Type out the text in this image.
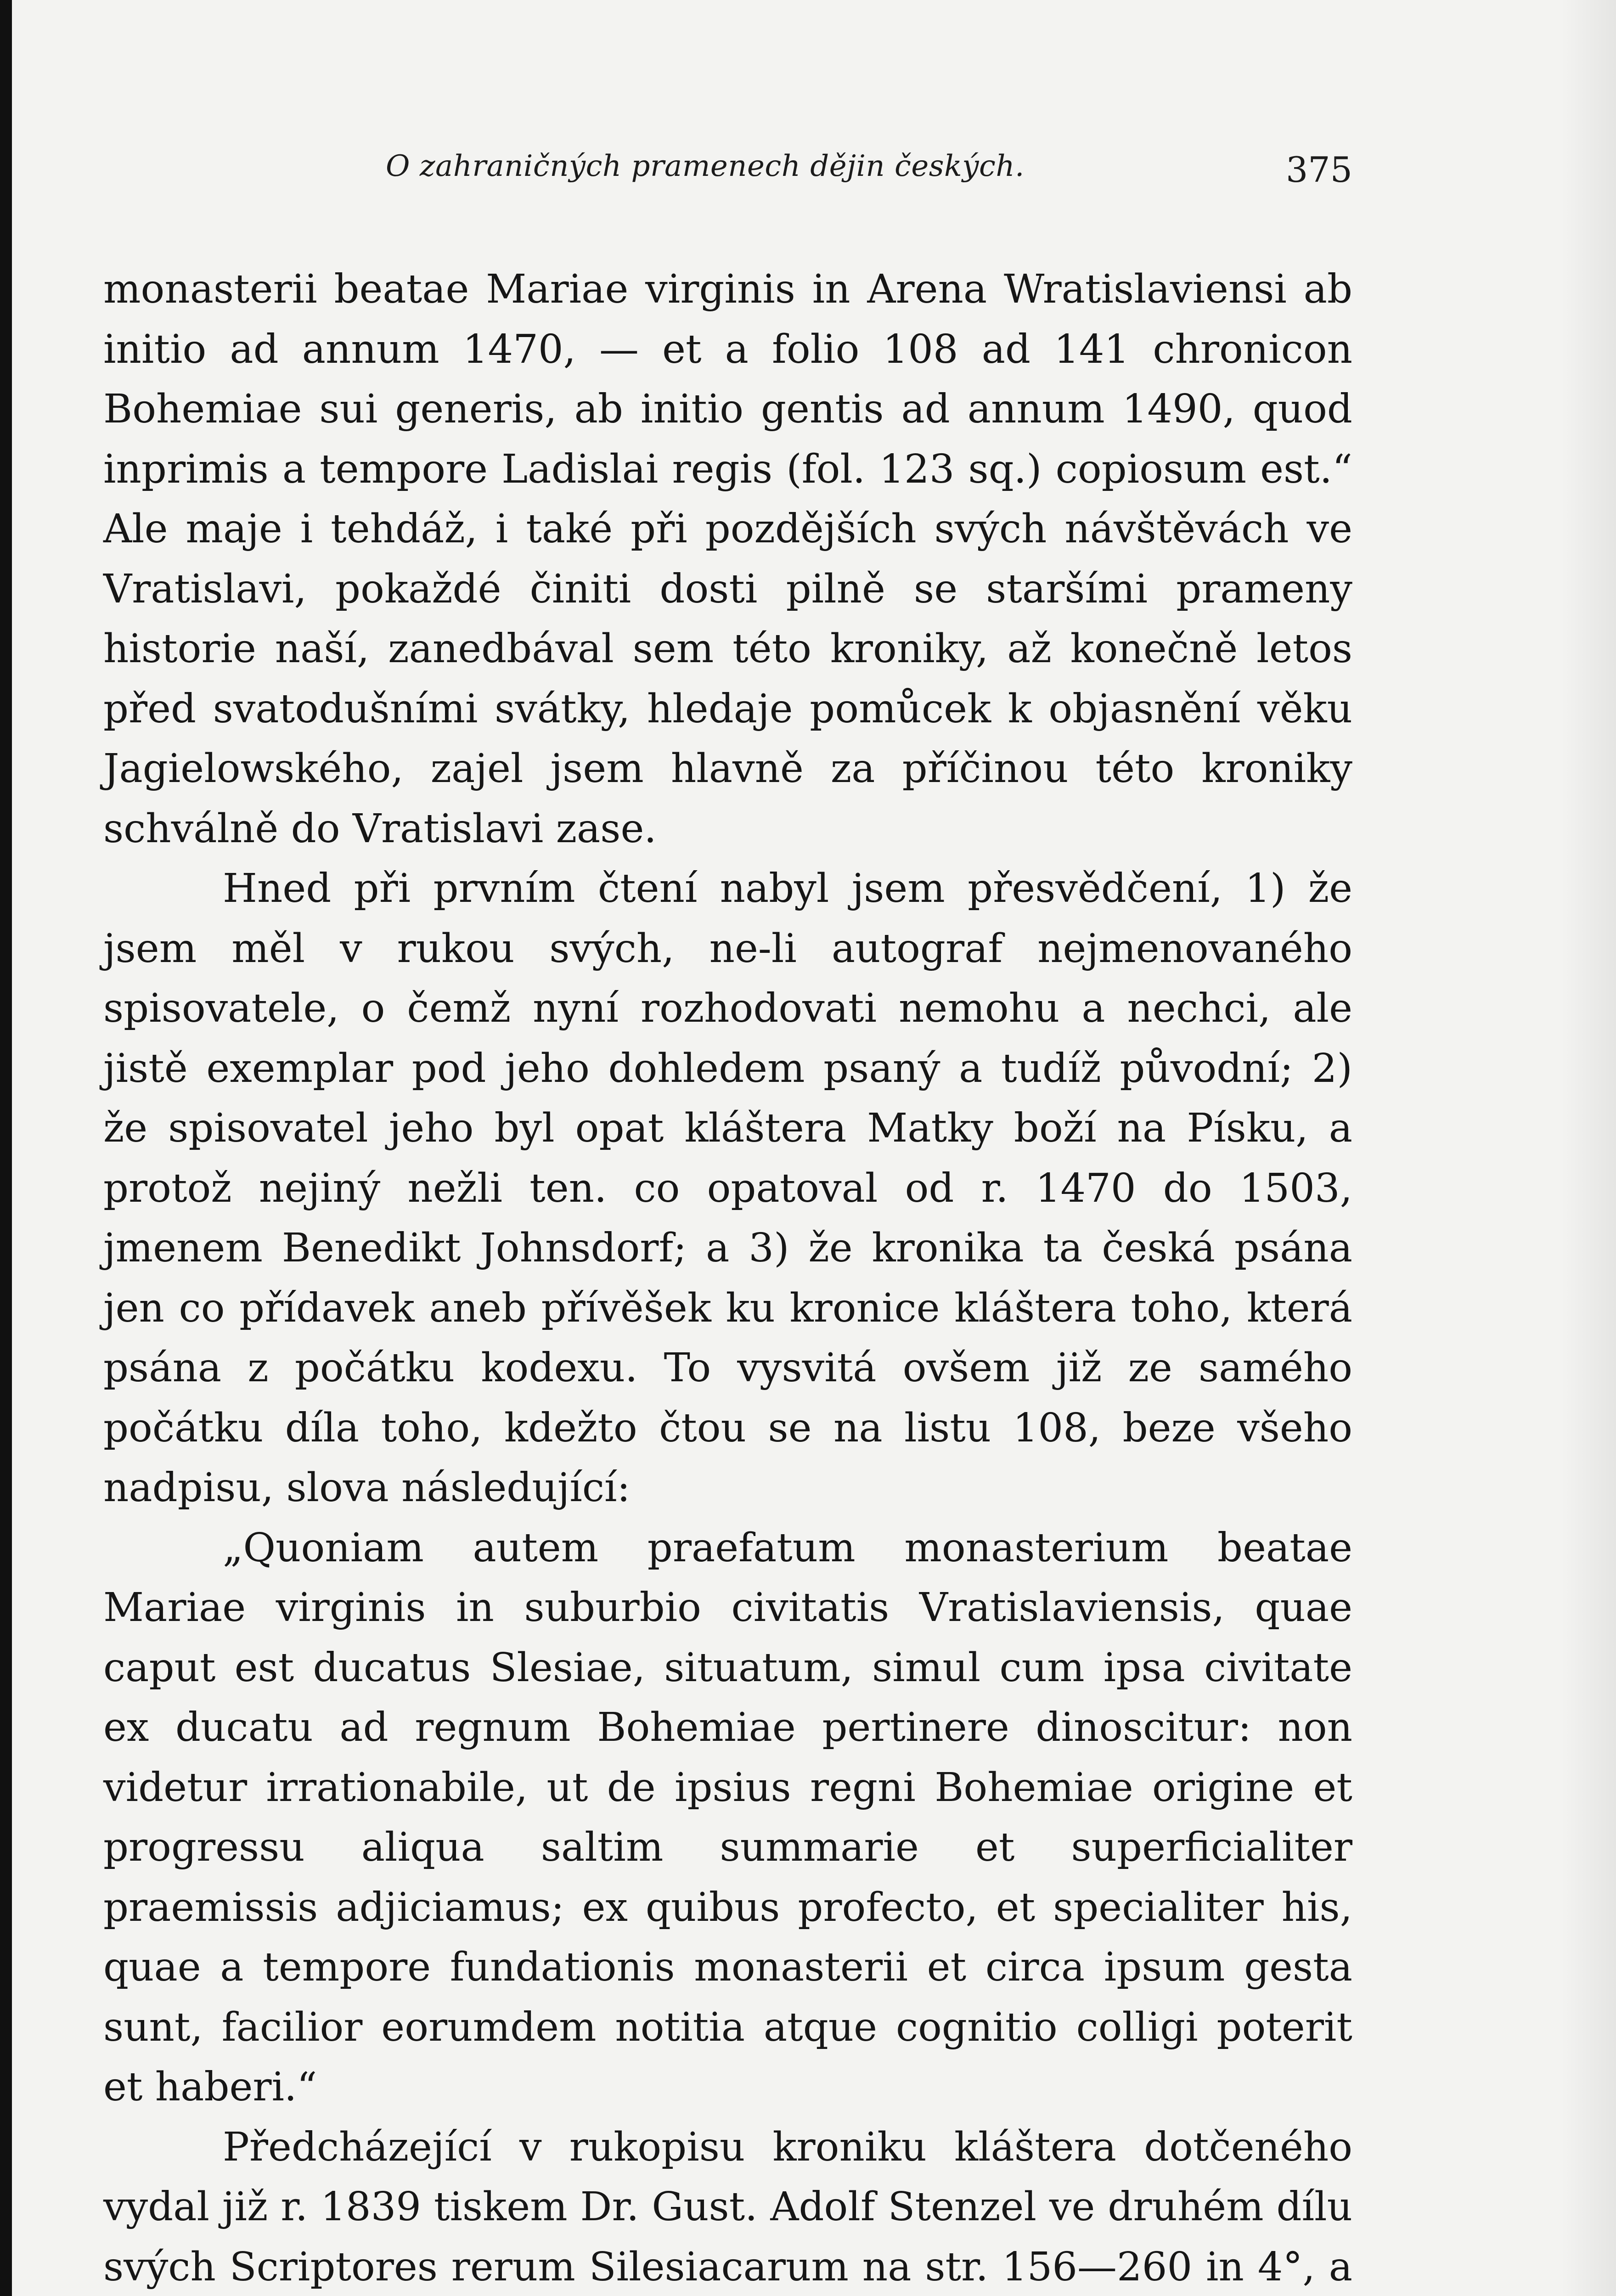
O zahraničných pramenech dějin českých.	375

monasterii beatae Mariae virginis in Arena Wratislaviensi ab initio ad annum 1470, — et a folio 108 ad 141 chronicon Bohemiae sui generis, ab initio gentis ad annum 1490, quod inprimis a tempore Ladislai regis (fol. 123 sq.) copiosum est.“ Ale maje i tehdáž, i také při pozdějších svých návštěvách ve Vratislavi, pokaždé činiti dosti pilně se staršími prameny historie naší, zanedbával sem této kroniky, až konečně letos před svatodušními svátky, hledaje pomůcek k objasnění věku Jagielowského, zajel jsem hlavně za příčinou této kroniky schválně do Vratislavi zase.

Hned při prvním čtení nabyl jsem přesvědčení, 1) že jsem měl v rukou svých, ne-li autograf nejmenovaného spisovatele, o čemž nyní rozhodovati nemohu a nechci, ale jistě exemplar pod jeho dohledem psaný a tudíž původní; 2) že spisovatel jeho byl opat kláštera Matky boží na Písku, a protož nejiný nežli ten. co opatoval od r. 1470 do 1503, jmenem Benedikt Johnsdorf; a 3) že kronika ta česká psána jen co přídavek aneb přívěšek ku kronice kláštera toho, která psána z počátku kodexu. To vysvitá ovšem již ze samého počátku díla toho, kdežto čtou se na listu 108, beze všeho nadpisu, slova následující:

„Quoniam autem praefatum monasterium beatae Mariae virginis in suburbio civitatis Vratislaviensis, quae caput est ducatus Slesiae, situatum, simul cum ipsa civitate ex ducatu ad regnum Bohemiae pertinere dinoscitur: non videtur irrationabile, ut de ipsius regni Bohemiae origine et progressu aliqua saltim summarie et superficialiter praemissis adjiciamus; ex quibus profecto, et specialiter his, quae a tempore fundationis monasterii et circa ipsum gesta sunt, facilior eorumdem notitia atque cognitio colligi poterit et haberi.“

Předcházející v rukopisu kroniku kláštera dotčeného vydal již r. 1839 tiskem Dr. Gust. Adolf Stenzel ve druhém dílu svých Scriptores rerum Silesiacarum na str. 156—260 in 4°, a
